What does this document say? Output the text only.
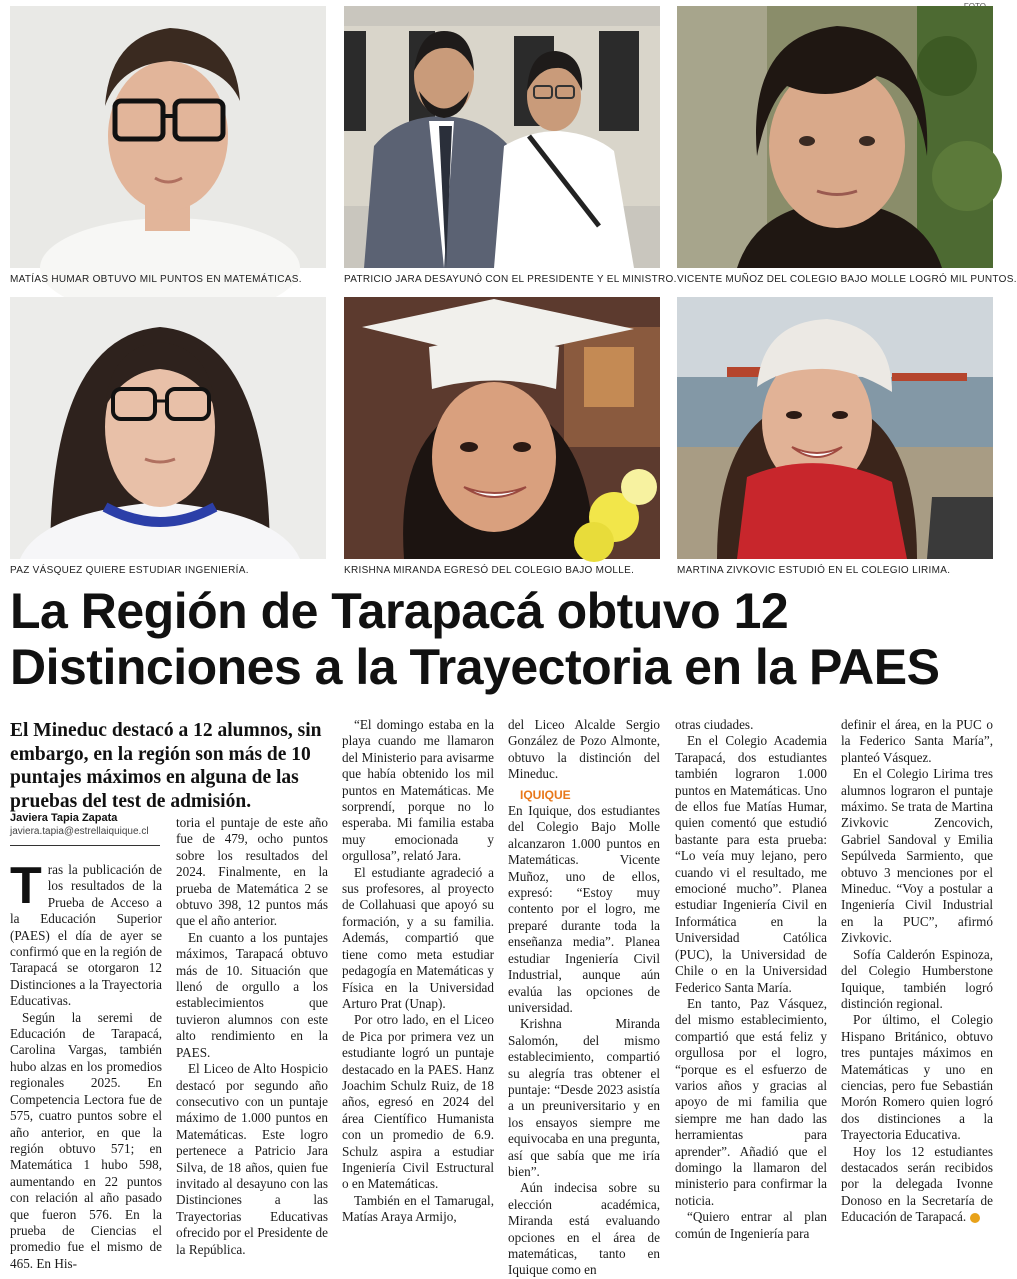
MATÍAS HUMAR OBTUVO MIL PUNTOS EN MATEMÁTICAS.	PATRICIO JARA DESAYUNÓ CON EL PRESIDENTE Y EL MINISTRO. VICENTE MUÑOZ DEL COLEGIO BAJO MOLLE LOGRÓ MIL PUNTOS.
PAZ VÁSQUEZ QUIERE ESTUDIAR INGENIERÍA.	KRISHNA MIRANDA EGRESÓ DEL COLEGIO BAJO MOLLE.	MARTINA ZIVKOVIC ESTUDIÓ EN EL COLEGIO LIRIMA.
La Región de Tarapacá obtuvo 12
Distinciones a la Trayectoria en la PAES
El Mineduc destacó a 12 alumnos, sin embargo, en la región son más de 10 puntajes máximos en alguna de las pruebas del test de admisión.
Javiera Tapia Zapata
javiera.tapia@estrellaiquique.cl
T ras la publicación de los resultados de la Prueba de Acceso a la Educación Superior (PAES) el día de ayer se confirmó que en la región de Tarapacá se otorgaron 12 Distinciones a la Trayectoria Educativas.

Según la seremi de Educación de Tarapacá, Carolina Vargas, también hubo alzas en los promedios regionales 2025. En Competencia Lectora fue de 575, cuatro puntos sobre el año anterior, en que la región obtuvo 571; en Matemática 1 hubo 598, aumentando en 22 puntos con relación al año pasado que fueron 576. En la prueba de Ciencias el promedio fue el mismo de 465. En His-

toria el puntaje de este año fue de 479, ocho puntos sobre los resultados del 2024. Finalmente, en la prueba de Matemática 2 se obtuvo 398, 12 puntos más que el año anterior.

En cuanto a los puntajes máximos, Tarapacá obtuvo más de 10. Situación que llenó de orgullo a los establecimientos que tuvieron alumnos con este alto rendimiento en la PAES.

El Liceo de Alto Hospicio destacó por segundo año consecutivo con un puntaje máximo de 1.000 puntos en Matemáticas. Este logro pertenece a Patricio Jara Silva, de 18 años, quien fue invitado al desayuno con las Distinciones a las Trayectorias Educativas ofrecido por el Presidente de la República.

“El domingo estaba en la playa cuando me llamaron del Ministerio para avisarme que había obtenido los mil puntos en Matemáticas. Me sorprendí, porque no lo esperaba. Mi familia estaba muy emocionada y orgullosa”, relató Jara.

El estudiante agradeció a sus profesores, al proyecto de Collahuasi que apoyó su formación, y a su familia. Además, compartió que tiene como meta estudiar pedagogía en Matemáticas y Física en la Universidad Arturo Prat (Unap).

Por otro lado, en el Liceo de Pica por primera vez un estudiante logró un puntaje destacado en la PAES. Hanz Joachim Schulz Ruiz, de 18 años, egresó en 2024 del área Científico Humanista con un promedio de 6.9. Schulz aspira a estudiar Ingeniería Civil Estructural o en Matemáticas.

También en el Tamarugal, Matías Araya Armijo,

del Liceo Alcalde Sergio González de Pozo Almonte, obtuvo la distinción del Mineduc.

IQUIQUE

En Iquique, dos estudiantes del Colegio Bajo Molle alcanzaron 1.000 puntos en Matemáticas. Vicente Muñoz, uno de ellos, expresó: “Estoy muy contento por el logro, me preparé durante toda la enseñanza media”. Planea estudiar Ingeniería Civil Industrial, aunque aún evalúa las opciones de universidad.

Krishna Miranda Salomón, del mismo establecimiento, compartió su alegría tras obtener el puntaje: “Desde 2023 asistía a un preuniversitario y en los ensayos siempre me equivocaba en una pregunta, así que sabía que me iría bien”.

Aún indecisa sobre su elección académica, Miranda está evaluando opciones en el área de matemáticas, tanto en Iquique como en

otras ciudades.

En el Colegio Academia Tarapacá, dos estudiantes también lograron 1.000 puntos en Matemáticas. Uno de ellos fue Matías Humar, quien comentó que estudió bastante para esta prueba: “Lo veía muy lejano, pero cuando vi el resultado, me emocioné mucho”. Planea estudiar Ingeniería Civil en Informática en la Universidad Católica (PUC), la Universidad de Chile o en la Universidad Federico Santa María.

En tanto, Paz Vásquez, del mismo establecimiento, compartió que está feliz y orgullosa por el logro, “porque es el esfuerzo de varios años y gracias al apoyo de mi familia que siempre me han dado las herramientas para aprender”. Añadió que el domingo la llamaron del ministerio para confirmar la noticia.

“Quiero entrar al plan común de Ingeniería para

definir el área, en la PUC o la Federico Santa María”, planteó Vásquez.

En el Colegio Lirima tres alumnos lograron el puntaje máximo. Se trata de Martina Zivkovic Zencovich, Gabriel Sandoval y Emilia Sepúlveda Sarmiento, que obtuvo 3 menciones por el Mineduc. “Voy a postular a Ingeniería Civil Industrial en la PUC”, afirmó Zivkovic.

Sofía Calderón Espinoza, del Colegio Humberstone Iquique, también logró distinción regional.

Por último, el Colegio Hispano Británico, obtuvo tres puntajes máximos en Matemáticas y uno en ciencias, pero fue Sebastián Morón Romero quien logró dos distinciones a la Trayectoria Educativa.

Hoy los 12 estudiantes destacados serán recibidos por la delegada Ivonne Donoso en la Secretaría de Educación de Tarapacá.
